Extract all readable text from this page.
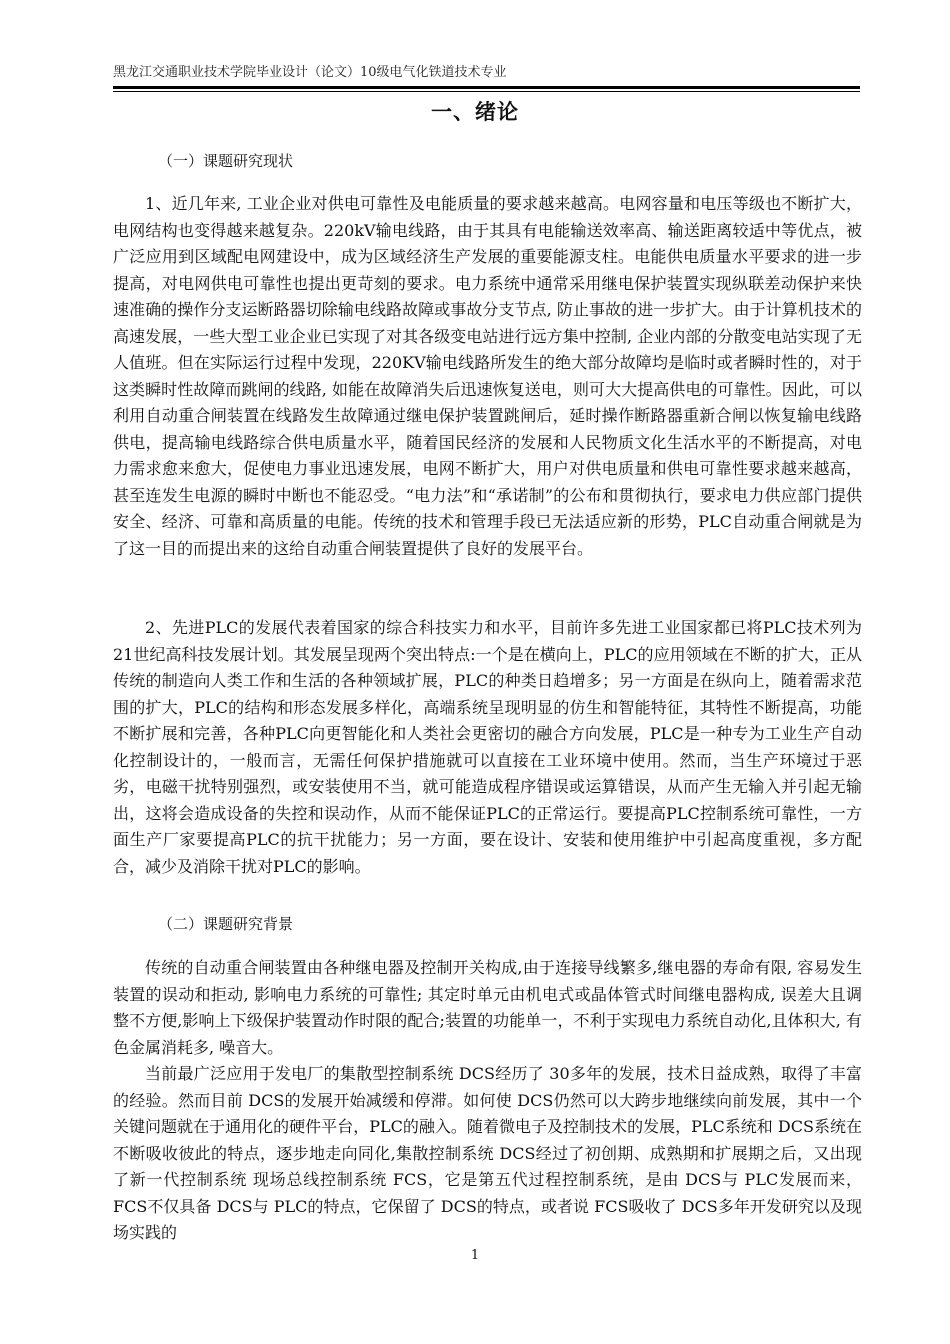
黑龙江交通职业技术学院毕业设计（论文）10级电气化铁道技术专业
一、绪论
（一）课题研究现状

1、近几年来, 工业企业对供电可靠性及电能质量的要求越来越高。电网容量和电压等级也不断扩大，电网结构也变得越来越复杂。220kV输电线路，由于其具有电能输送效率高、输送距离较适中等优点，被广泛应用到区域配电网建设中，成为区域经济生产发展的重要能源支柱。电能供电质量水平要求的进一步提高，对电网供电可靠性也提出更苛刻的要求。电力系统中通常采用继电保护装置实现纵联差动保护来快速准确的操作分支运断路器切除输电线路故障或事故分支节点, 防止事故的进一步扩大。由于计算机技术的高速发展，一些大型工业企业已实现了对其各级变电站进行远方集中控制, 企业内部的分散变电站实现了无人值班。但在实际运行过程中发现，220KV输电线路所发生的绝大部分故障均是临时或者瞬时性的，对于这类瞬时性故障而跳闸的线路, 如能在故障消失后迅速恢复送电，则可大大提高供电的可靠性。因此，可以利用自动重合闸装置在线路发生故障通过继电保护装置跳闸后，延时操作断路器重新合闸以恢复输电线路供电，提高输电线路综合供电质量水平，随着国民经济的发展和人民物质文化生活水平的不断提高，对电力需求愈来愈大，促使电力事业迅速发展，电网不断扩大，用户对供电质量和供电可靠性要求越来越高，甚至连发生电源的瞬时中断也不能忍受。“电力法”和“承诺制”的公布和贯彻执行，要求电力供应部门提供安全、经济、可靠和高质量的电能。传统的技术和管理手段已无法适应新的形势，PLC自动重合闸就是为了这一目的而提出来的这给自动重合闸装置提供了良好的发展平台。

2、先进PLC的发展代表着国家的综合科技实力和水平，目前许多先进工业国家都已将PLC技术列为21世纪高科技发展计划。其发展呈现两个突出特点:一个是在横向上，PLC的应用领域在不断的扩大，正从传统的制造向人类工作和生活的各种领域扩展，PLC的种类日趋增多；另一方面是在纵向上，随着需求范围的扩大，PLC的结构和形态发展多样化，高端系统呈现明显的仿生和智能特征，其特性不断提高，功能不断扩展和完善，各种PLC向更智能化和人类社会更密切的融合方向发展，PLC是一种专为工业生产自动化控制设计的，一般而言，无需任何保护措施就可以直接在工业环境中使用。然而，当生产环境过于恶劣，电磁干扰特别强烈，或安装使用不当，就可能造成程序错误或运算错误，从而产生无输入并引起无输出，这将会造成设备的失控和误动作，从而不能保证PLC的正常运行。要提高PLC控制系统可靠性，一方面生产厂家要提高PLC的抗干扰能力；另一方面，要在设计、安装和使用维护中引起高度重视，多方配合，减少及消除干扰对PLC的影响。

（二）课题研究背景

传统的自动重合闸装置由各种继电器及控制开关构成,由于连接导线繁多,继电器的寿命有限, 容易发生装置的误动和拒动, 影响电力系统的可靠性; 其定时单元由机电式或晶体管式时间继电器构成, 误差大且调整不方便,影响上下级保护装置动作时限的配合;装置的功能单一，不利于实现电力系统自动化,且体积大, 有色金属消耗多, 噪音大。

当前最广泛应用于发电厂的集散型控制系统 DCS经历了 30多年的发展，技术日益成熟，取得了丰富的经验。然而目前 DCS的发展开始减缓和停滞。如何使 DCS仍然可以大跨步地继续向前发展，其中一个关键问题就在于通用化的硬件平台，PLC的融入。随着微电子及控制技术的发展，PLC系统和 DCS系统在不断吸收彼此的特点，逐步地走向同化,集散控制系统 DCS经过了初创期、成熟期和扩展期之后，又出现了新一代控制系统 现场总线控制系统 FCS，它是第五代过程控制系统，是由 DCS与 PLC发展而来，FCS不仅具备 DCS与 PLC的特点，它保留了 DCS的特点，或者说 FCS吸收了 DCS多年开发研究以及现场实践的

1
